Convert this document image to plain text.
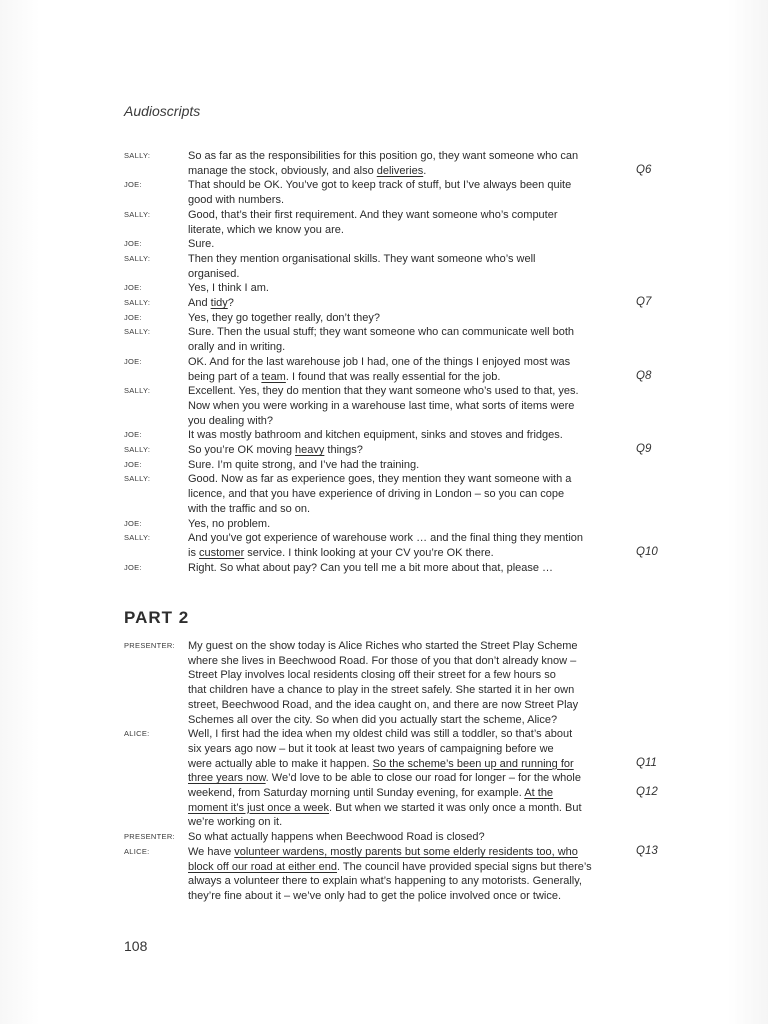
Audioscripts
SALLY:	So as far as the responsibilities for this position go, they want someone who can
manage the stock, obviously, and also deliveries.	Q6
JOE:	That should be OK. You’ve got to keep track of stuff, but I’ve always been quite
good with numbers.
SALLY:	Good, that’s their first requirement. And they want someone who’s computer
literate, which we know you are.
JOE:	Sure.
SALLY:	Then they mention organisational skills. They want someone who’s well
organised.
JOE:	Yes, I think I am.
SALLY:	And tidy?	Q7
JOE:	Yes, they go together really, don’t they?
SALLY:	Sure. Then the usual stuff; they want someone who can communicate well both
orally and in writing.
JOE:	OK. And for the last warehouse job I had, one of the things I enjoyed most was
being part of a team. I found that was really essential for the job.	Q8
SALLY:	Excellent. Yes, they do mention that they want someone who’s used to that, yes.
Now when you were working in a warehouse last time, what sorts of items were
you dealing with?
JOE:	It was mostly bathroom and kitchen equipment, sinks and stoves and fridges.
SALLY:	So you’re OK moving heavy things?	Q9
JOE:	Sure. I’m quite strong, and I’ve had the training.
SALLY:	Good. Now as far as experience goes, they mention they want someone with a
licence, and that you have experience of driving in London – so you can cope
with the traffic and so on.
JOE:	Yes, no problem.
SALLY:	And you’ve got experience of warehouse work … and the final thing they mention
is customer service. I think looking at your CV you’re OK there.	Q10
JOE:	Right. So what about pay? Can you tell me a bit more about that, please …
PART 2
PRESENTER: My guest on the show today is Alice Riches who started the Street Play Scheme
where she lives in Beechwood Road. For those of you that don’t already know –
Street Play involves local residents closing off their street for a few hours so
that children have a chance to play in the street safely. She started it in her own
street, Beechwood Road, and the idea caught on, and there are now Street Play
Schemes all over the city. So when did you actually start the scheme, Alice?
ALICE:	Well, I first had the idea when my oldest child was still a toddler, so that’s about
six years ago now – but it took at least two years of campaigning before we
were actually able to make it happen. So the scheme’s been up and running for	Q11
three years now. We’d love to be able to close our road for longer – for the whole
weekend, from Saturday morning until Sunday evening, for example. At the	Q12
moment it’s just once a week. But when we started it was only once a month. But
we’re working on it.
PRESENTER: So what actually happens when Beechwood Road is closed?
ALICE:	We have volunteer wardens, mostly parents but some elderly residents too, who	Q13
block off our road at either end. The council have provided special signs but there’s
always a volunteer there to explain what’s happening to any motorists. Generally,
they’re fine about it – we’ve only had to get the police involved once or twice.
108
